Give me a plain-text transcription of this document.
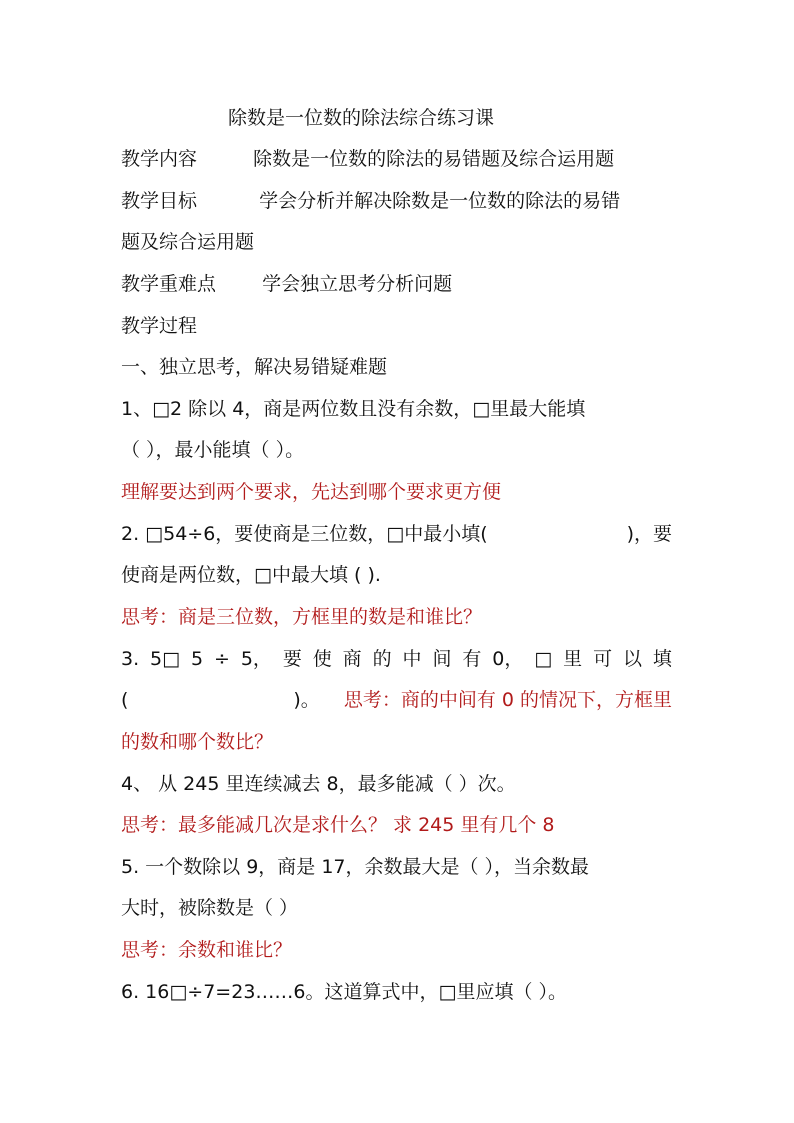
除数是一位数的除法综合练习课
教学内容	除数是一位数的除法的易错题及综合运用题
教学目标	学会分析并解决除数是一位数的除法的易错
题及综合运用题
教学重难点 学会独立思考分析问题
教学过程
一、独立思考，解决易错疑难题
1、□2 除以 4，商是两位数且没有余数，□里最大能填
（ ），最小能填（ ）。
理解要达到两个要求，先达到哪个要求更方便
2. □54÷6，要使商是三位数，□中最小填(	)，要
使商是两位数，□中最大填 ( ).
思考：商是三位数，方框里的数是和谁比？
3. 5□ 5 ÷ 5， 要 使 商 的 中 间 有 0， □ 里 可 以 填
(	)。 思考：商的中间有 0 的情况下，方框里
的数和哪个数比？
4、 从 245 里连续减去 8，最多能减（ ）次。
思考：最多能减几次是求什么？ 求 245 里有几个 8
5. 一个数除以 9，商是 17，余数最大是（ ），当余数最
大时，被除数是（ ）
思考：余数和谁比？
6. 16□÷7=23……6。这道算式中，□里应填（ ）。
